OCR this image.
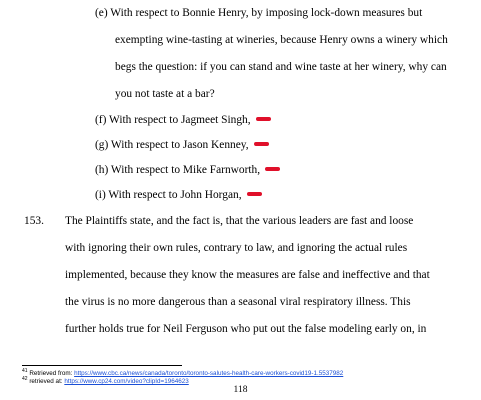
(e) With respect to Bonnie Henry, by imposing lock-down measures but
exempting wine-tasting at wineries, because Henry owns a winery which
begs the question: if you can stand and wine taste at her winery, why can
you not taste at a bar?
(f) With respect to Jagmeet Singh,
(g) With respect to Jason Kenney,
(h) With respect to Mike Farnworth,
(i) With respect to John Horgan,
153. The Plaintiffs state, and the fact is, that the various leaders are fast and loose
with ignoring their own rules, contrary to law, and ignoring the actual rules
implemented, because they know the measures are false and ineffective and that
the virus is no more dangerous than a seasonal viral respiratory illness. This
further holds true for Neil Ferguson who put out the false modeling early on, in
$^{41}$ Retrieved from: https://www.cbc.ca/news/canada/toronto/toronto-salutes-health-care-workers-covid19-1.5537982
$^{42}$ retrieved at: https://www.cp24.com/video?clipId=1964623
118
